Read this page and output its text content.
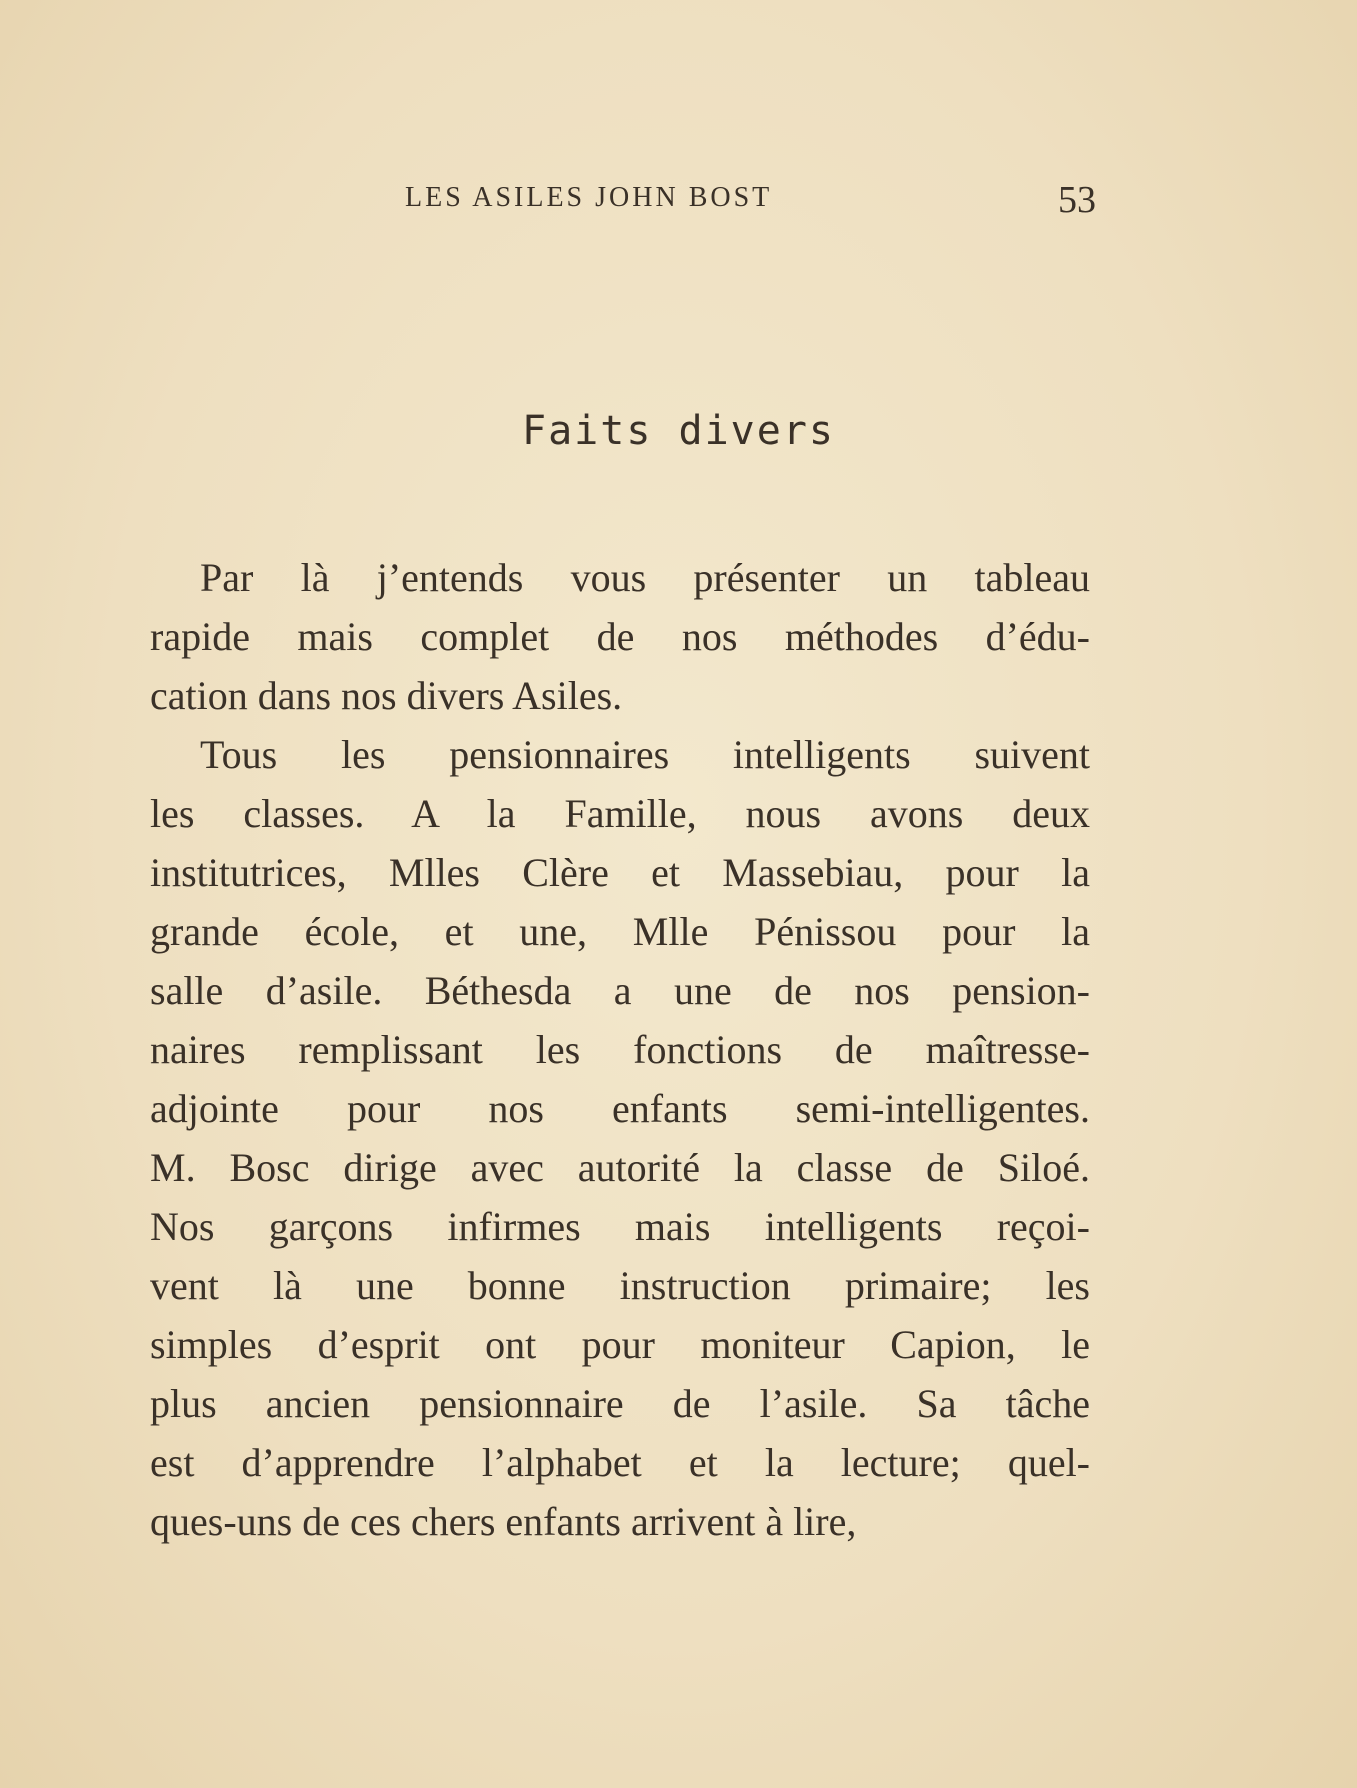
LES ASILES JOHN BOST	53
Faits divers
Par là j’entends vous présenter un tableau
rapide mais complet de nos méthodes d’édu-
cation dans nos divers Asiles.
Tous les pensionnaires intelligents suivent
les classes. A la Famille, nous avons deux
institutrices, Mlles Clère et Massebiau, pour la
grande école, et une, Mlle Pénissou pour la
salle d’asile. Béthesda a une de nos pension-
naires remplissant les fonctions de maîtresse-
adjointe pour nos enfants semi-intelligentes.
M. Bosc dirige avec autorité la classe de Siloé.
Nos garçons infirmes mais intelligents reçoi-
vent là une bonne instruction primaire; les
simples d’esprit ont pour moniteur Capion, le
plus ancien pensionnaire de l’asile. Sa tâche
est d’apprendre l’alphabet et la lecture; quel-
ques-uns de ces chers enfants arrivent à lire,
